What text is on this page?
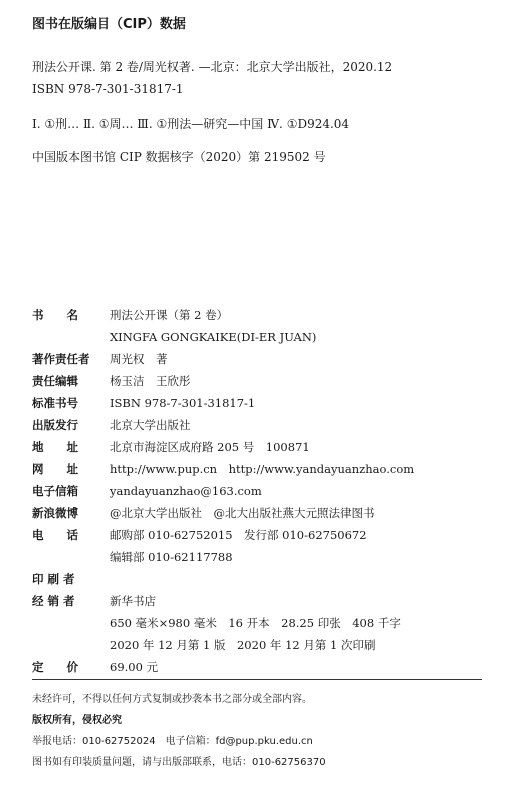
图书在版编目（CIP）数据
刑法公开课. 第 2 卷/周光权著. —北京：北京大学出版社，2020.12
ISBN 978-7-301-31817-1
Ⅰ. ①刑… Ⅱ. ①周… Ⅲ. ①刑法—研究—中国 Ⅳ. ①D924.04
中国版本图书馆 CIP 数据核字（2020）第 219502 号
书　　名	刑法公开课（第 2 卷）
XINGFA GONGKAIKE(DI-ER JUAN)
著作责任者	周光权　著
责任编辑	杨玉洁　王欣彤
标准书号	ISBN 978-7-301-31817-1
出版发行	北京大学出版社
地　　址	北京市海淀区成府路 205 号　100871
网　　址	http://www.pup.cn　http://www.yandayuanzhao.com
电子信箱	yandayuanzhao@163.com
新浪微博	@北京大学出版社　@北大出版社燕大元照法律图书
电　　话	邮购部 010-62752015　发行部 010-62750672
编辑部 010-62117788
印 刷 者
经 销 者	新华书店
650 毫米×980 毫米　16 开本　28.25 印张　408 千字
2020 年 12 月第 1 版　2020 年 12 月第 1 次印刷
定　　价	69.00 元
未经许可，不得以任何方式复制或抄袭本书之部分或全部内容。
版权所有，侵权必究
举报电话：010-62752024　电子信箱：fd@pup.pku.edu.cn
图书如有印装质量问题，请与出版部联系，电话：010-62756370
